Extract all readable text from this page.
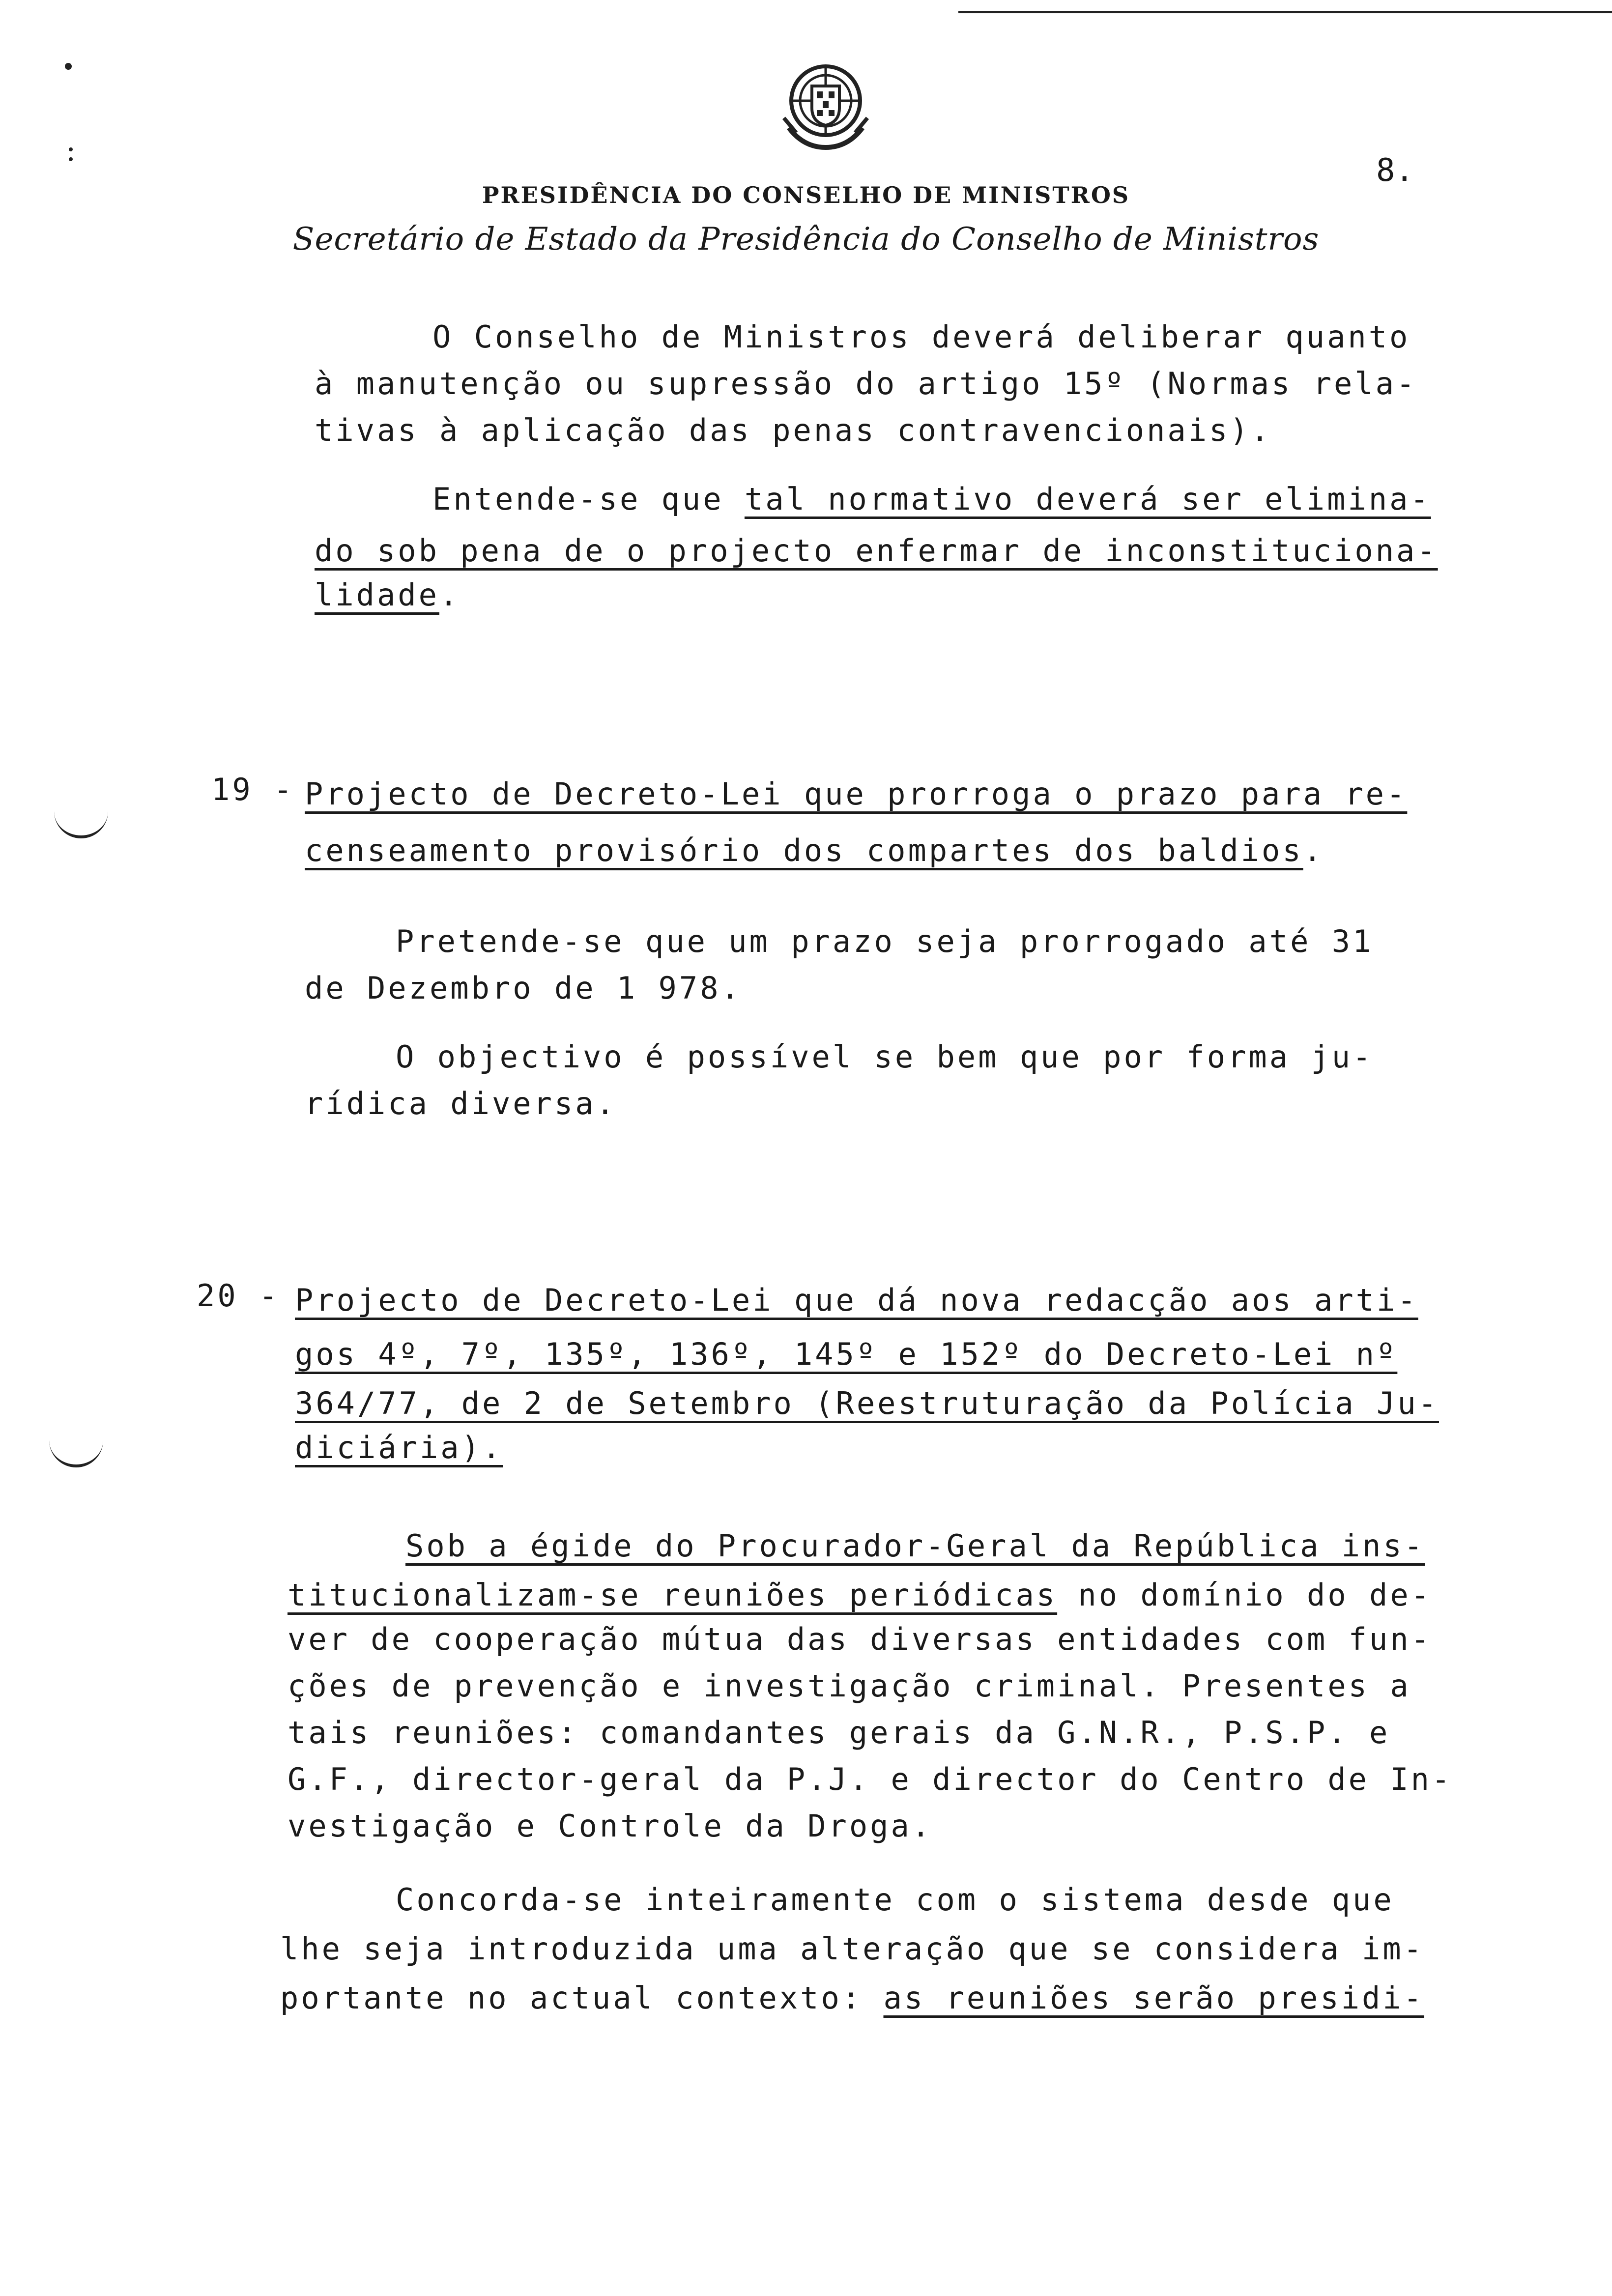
8.
PRESIDÊNCIA DO CONSELHO DE MINISTROS
Secretário de Estado da Presidência do Conselho de Ministros
O Conselho de Ministros deverá deliberar quanto
à manutenção ou supressão do artigo 15º (Normas rela-
tivas à aplicação das penas contravencionais).
Entende-se que tal normativo deverá ser elimina-
do sob pena de o projecto enfermar de inconstituciona-
lidade.
19 - Projecto de Decreto-Lei que prorroga o prazo para re-
censeamento provisório dos compartes dos baldios.
Pretende-se que um prazo seja prorrogado até 31
de Dezembro de 1 978.
O objectivo é possível se bem que por forma ju-
rídica diversa.
20 - Projecto de Decreto-Lei que dá nova redacção aos arti-
gos 4º, 7º, 135º, 136º, 145º e 152º do Decreto-Lei nº
364/77, de 2 de Setembro (Reestruturação da Polícia Ju-
diciária).
Sob a égide do Procurador-Geral da República ins-
titucionalizam-se reuniões periódicas no domínio do de-
ver de cooperação mútua das diversas entidades com fun-
ções de prevenção e investigação criminal. Presentes a
tais reuniões: comandantes gerais da G.N.R., P.S.P. e
G.F., director-geral da P.J. e director do Centro de In-
vestigação e Controle da Droga.
Concorda-se inteiramente com o sistema desde que
lhe seja introduzida uma alteração que se considera im-
portante no actual contexto: as reuniões serão presidi-
